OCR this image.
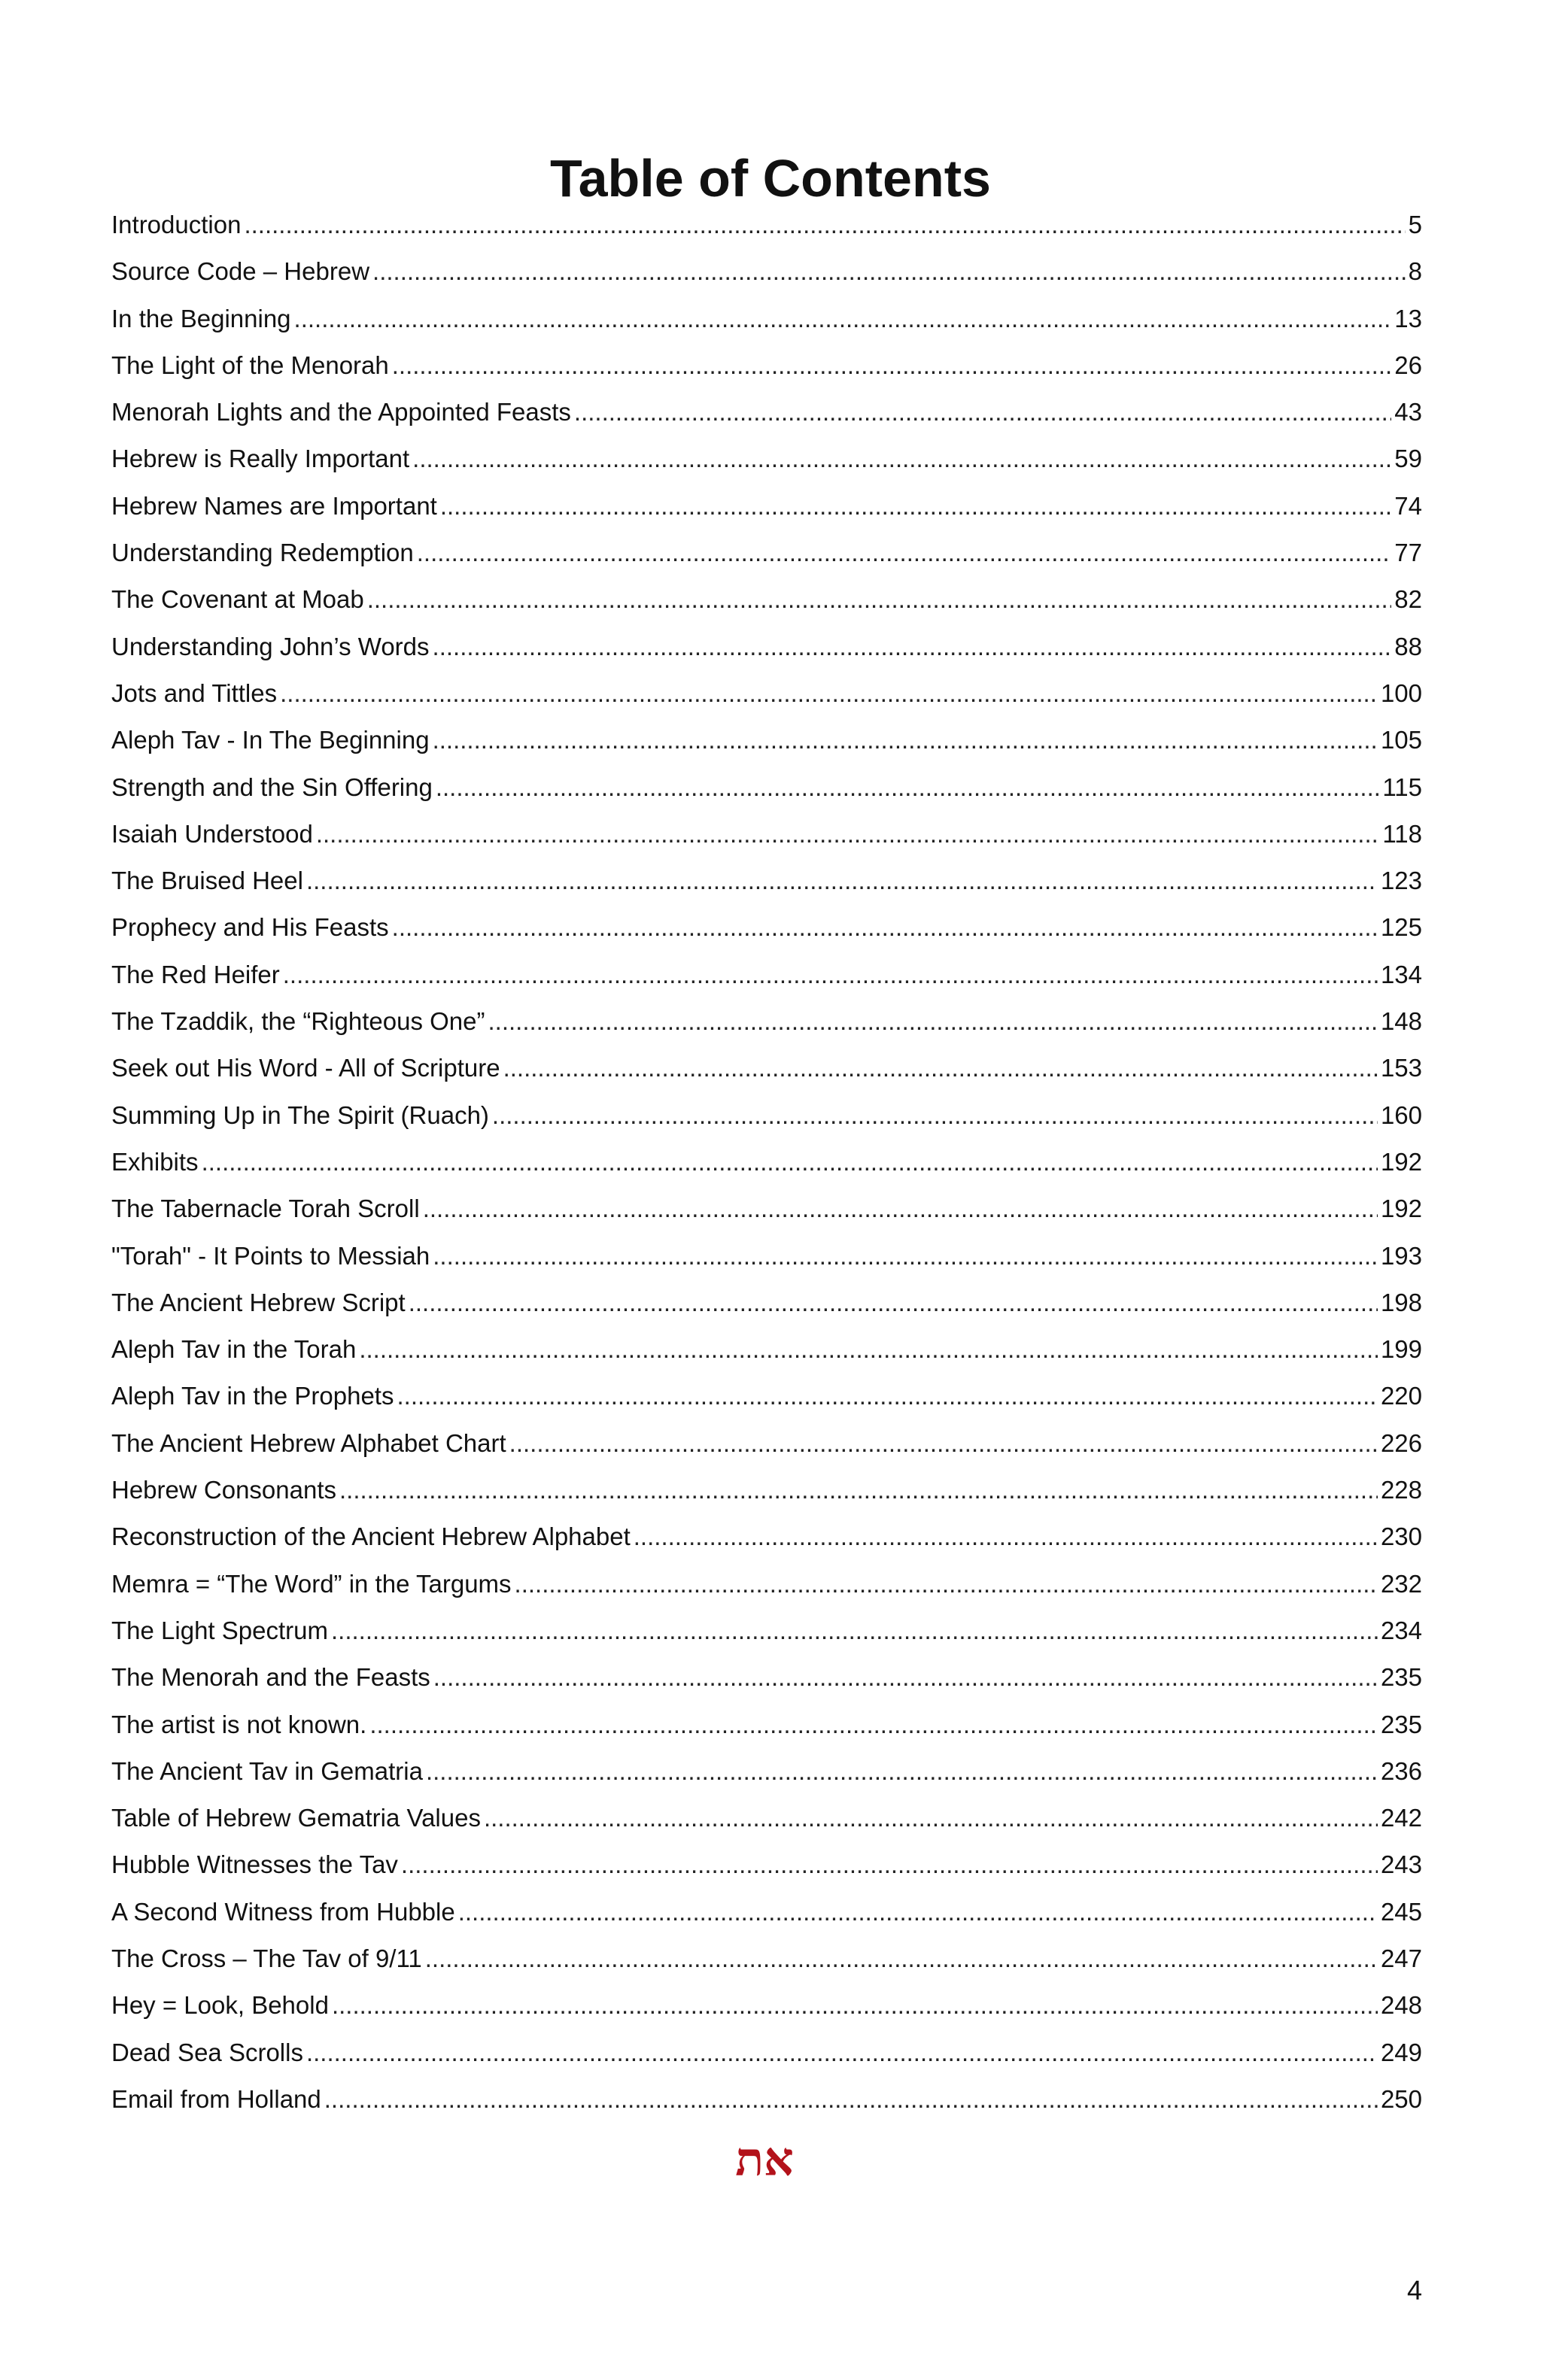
Table of Contents
Introduction .....	5
Source Code – Hebrew .....	8
In the Beginning .....	13
The Light of the Menorah .....	26
Menorah Lights and the Appointed Feasts .....	43
Hebrew is Really Important .....	59
Hebrew Names are Important .....	74
Understanding Redemption .....	77
The Covenant at Moab .....	82
Understanding John’s Words .....	88
Jots and Tittles .....	100
Aleph Tav - In The Beginning .....	105
Strength and the Sin Offering .....	115
Isaiah Understood .....	118
The Bruised Heel .....	123
Prophecy and His Feasts .....	125
The Red Heifer .....	134
The Tzaddik, the “Righteous One” .....	148
Seek out His Word - All of Scripture .....	153
Summing Up in The Spirit (Ruach) .....	160
Exhibits .....	192
The Tabernacle Torah Scroll .....	192
"Torah" - It Points to Messiah .....	193
The Ancient Hebrew Script .....	198
Aleph Tav in the Torah .....	199
Aleph Tav in the Prophets .....	220
The Ancient Hebrew Alphabet Chart .....	226
Hebrew Consonants .....	228
Reconstruction of the Ancient Hebrew Alphabet .....	230
Memra = “The Word” in the Targums .....	232
The Light Spectrum .....	234
The Menorah and the Feasts .....	235
The artist is not known. .....	235
The Ancient Tav in Gematria .....	236
Table of Hebrew Gematria Values .....	242
Hubble Witnesses the Tav .....	243
A Second Witness from Hubble .....	245
The Cross – The Tav of 9/11 .....	247
Hey = Look, Behold .....	248
Dead Sea Scrolls .....	249
Email from Holland .....	250
את
4
